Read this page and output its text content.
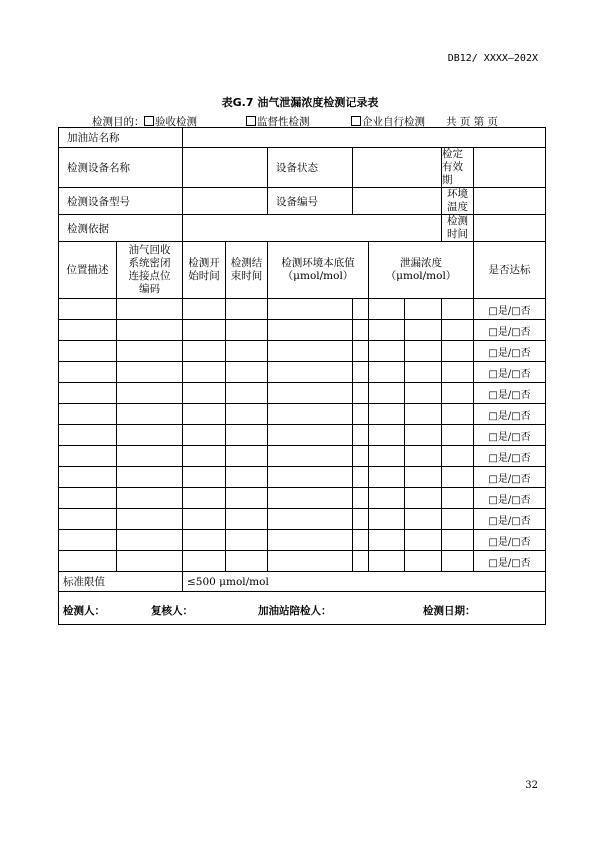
DB12/ XXXX—202X
表G.7 油气泄漏浓度检测记录表
检测目的：	验收检测	监督性检测	企业自行检测 共 页 第 页
加油站名称									
检测设备名称				设备状态				检定有效期	
检测设备型号				设备编号				环境温度	
检测依据								检测时间	
位置描述	油气回收系统密闭连接点位编码	检测开始时间	检测结束时间	检测环境本底值（μmol/mol）		泄漏浓度（μmol/mol）			是否达标
									□是/□否
									□是/□否
									□是/□否
									□是/□否
									□是/□否
									□是/□否
									□是/□否
									□是/□否
									□是/□否
									□是/□否
									□是/□否
									□是/□否
									□是/□否
标准限值		≤500 μmol/mol							

检测人： 复核人： 加油站陪检人： 检测日期：									
32
